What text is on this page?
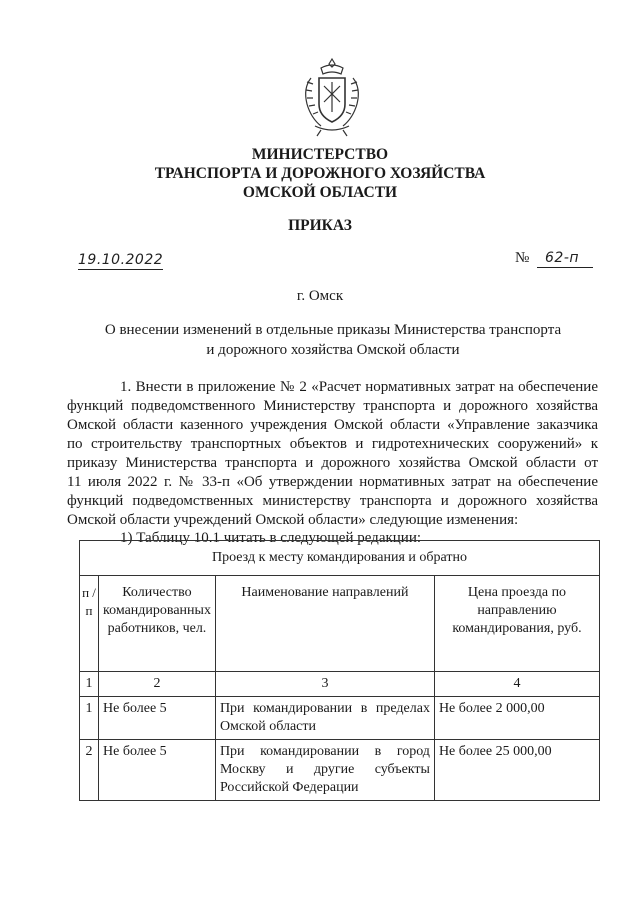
МИНИСТЕРСТВО
ТРАНСПОРТА И ДОРОЖНОГО ХОЗЯЙСТВА
ОМСКОЙ ОБЛАСТИ
ПРИКАЗ
19.10.2022	№	62-п
г. Омск
О внесении изменений в отдельные приказы Министерства транспорта
и дорожного хозяйства Омской области
1. Внести в приложение № 2 «Расчет нормативных затрат на обеспечение
функций подведомственного Министерству транспорта и дорожного хозяйства
Омской области казенного учреждения Омской области «Управление заказчика
по строительству транспортных объектов и гидротехнических сооружений» к
приказу Министерства транспорта и дорожного хозяйства Омской области от
11 июля 2022 г. № 33-п «Об утверждении нормативных затрат на обеспечение
функций подведомственных министерству транспорта и дорожного хозяйства
Омской области учреждений Омской области» следующие изменения:
1) Таблицу 10.1 читать в следующей редакции:
Проезд к месту командирования и обратно			
п / п	Количество командированных работников, чел.	Наименование направлений	Цена проезда по направлению командирования, руб.
1	2	3	4
1	Не более 5	При командировании в пределах Омской области	Не более 2 000,00
2	Не более 5	При командировании в город Москву и другие субъекты Российской Федерации	Не более 25 000,00
